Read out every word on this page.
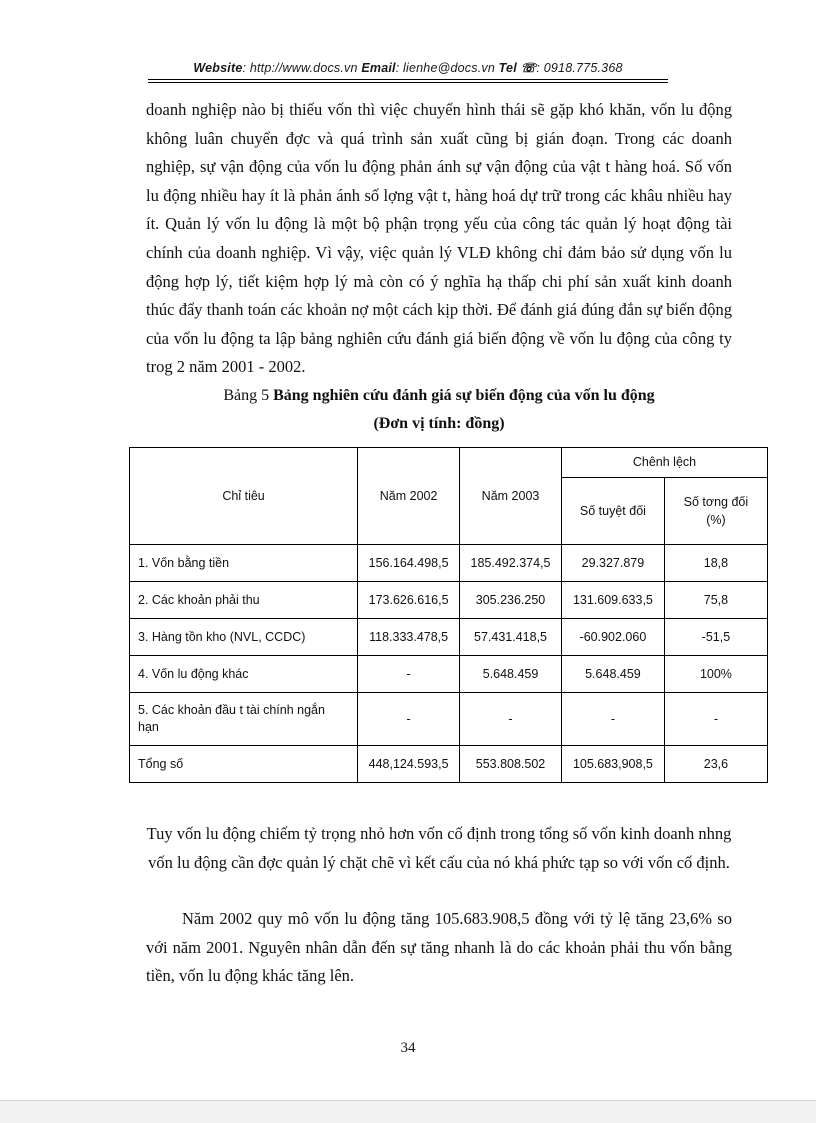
Website: http://www.docs.vn Email: lienhe@docs.vn Tel ☏: 0918.775.368

doanh nghiệp nào bị thiếu vốn thì việc chuyển hình thái sẽ gặp khó khăn, vốn lu động không luân chuyển đợc và quá trình sản xuất cũng bị gián đoạn. Trong các doanh nghiệp, sự vận động của vốn lu động phản ánh sự vận động của vật t hàng hoá. Số vốn lu động nhiều hay ít là phản ánh số lợng vật t, hàng hoá dự trữ trong các khâu nhiều hay ít. Quản lý vốn lu động là một bộ phận trọng yếu của công tác quản lý hoạt động tài chính của doanh nghiệp. Vì vậy, việc quản lý VLĐ không chỉ đảm bảo sử dụng vốn lu động hợp lý, tiết kiệm hợp lý mà còn có ý nghĩa hạ thấp chi phí sản xuất kinh doanh thúc đẩy thanh toán các khoản nợ một cách kịp thời. Để đánh giá đúng đắn sự biến động của vốn lu động ta lập bảng nghiên cứu đánh giá biến động về vốn lu động của công ty trog 2 năm 2001 - 2002.

Bảng 5 Bảng nghiên cứu đánh giá sự biến động của vốn lu động
(Đơn vị tính: đồng)
Chỉ tiêu	Năm 2002	Năm 2003	Chênh lệch	

			Số tuyệt đối	Số tơng đối
(%)

1. Vốn bằng tiền	156.164.498,5	185.492.374,5	29.327.879	18,8

2. Các khoản phải thu	173.626.616,5	305.236.250	131.609.633,5	75,8

3. Hàng tồn kho (NVL, CCDC)	118.333.478,5	57.431.418,5	-60.902.060	-51,5

4. Vốn lu động khác	-	5.648.459	5.648.459	100%

5. Các khoản đầu t tài chính ngắn hạn	-	-	-	-

Tổng số	448,124.593,5	553.808.502	105.683,908,5	23,6

Tuy vốn lu động chiếm tỷ trọng nhỏ hơn vốn cố định trong tổng số vốn kinh doanh nhng vốn lu động cần đợc quản lý chặt chẽ vì kết cấu của nó khá phức tạp so với vốn cố định.

Năm 2002 quy mô vốn lu động tăng 105.683.908,5 đồng với tỷ lệ tăng 23,6% so với năm 2001. Nguyên nhân dẫn đến sự tăng nhanh là do các khoản phải thu vốn bằng tiền, vốn lu động khác tăng lên.

34
